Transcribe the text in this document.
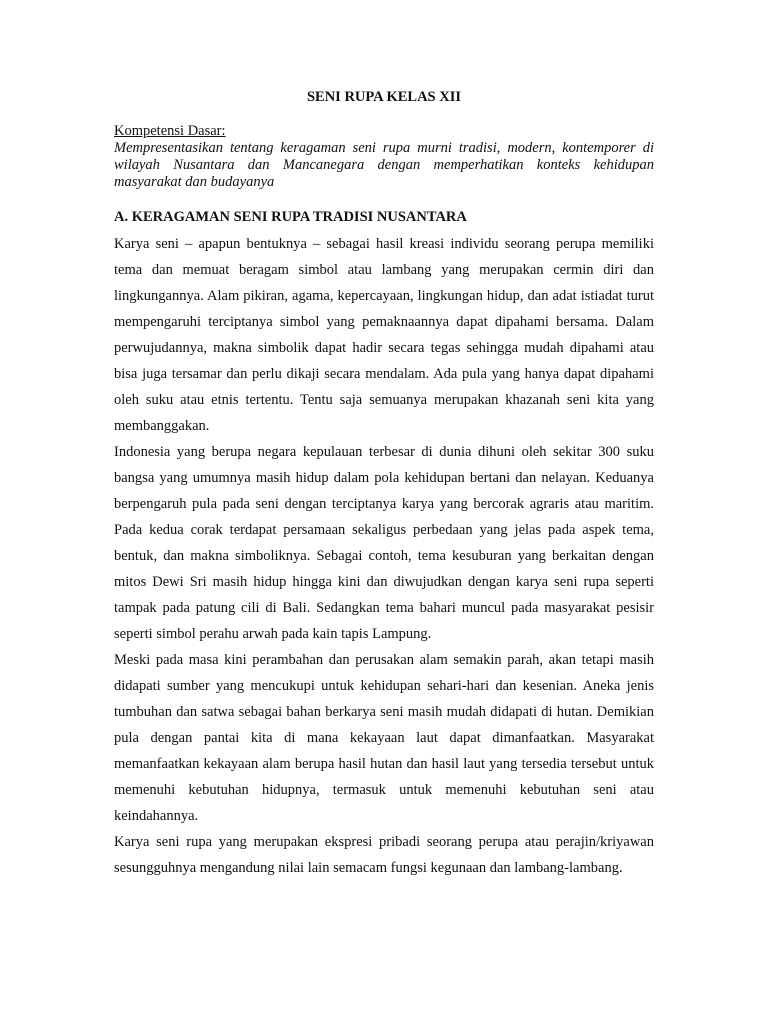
SENI RUPA KELAS XII

Kompetensi Dasar:

Mempresentasikan tentang keragaman seni rupa murni tradisi, modern, kontemporer di wilayah Nusantara dan Mancanegara dengan memperhatikan konteks kehidupan masyarakat dan budayanya

A. KERAGAMAN SENI RUPA TRADISI NUSANTARA

Karya seni – apapun bentuknya – sebagai hasil kreasi individu seorang perupa memiliki tema dan memuat beragam simbol atau lambang yang merupakan cermin diri dan lingkungannya. Alam pikiran, agama, kepercayaan, lingkungan hidup, dan adat istiadat turut mempengaruhi terciptanya simbol yang pemaknaannya dapat dipahami bersama. Dalam perwujudannya, makna simbolik dapat hadir secara tegas sehingga mudah dipahami atau bisa juga tersamar dan perlu dikaji secara mendalam. Ada pula yang hanya dapat dipahami oleh suku atau etnis tertentu. Tentu saja semuanya merupakan khazanah seni kita yang membanggakan.

Indonesia yang berupa negara kepulauan terbesar di dunia dihuni oleh sekitar 300 suku bangsa yang umumnya masih hidup dalam pola kehidupan bertani dan nelayan. Keduanya berpengaruh pula pada seni dengan terciptanya karya yang bercorak agraris atau maritim. Pada kedua corak terdapat persamaan sekaligus perbedaan yang jelas pada aspek tema, bentuk, dan makna simboliknya. Sebagai contoh, tema kesuburan yang berkaitan dengan mitos Dewi Sri masih hidup hingga kini dan diwujudkan dengan karya seni rupa seperti tampak pada patung cili di Bali. Sedangkan tema bahari muncul pada masyarakat pesisir seperti simbol perahu arwah pada kain tapis Lampung.

Meski pada masa kini perambahan dan perusakan alam semakin parah, akan tetapi masih didapati sumber yang mencukupi untuk kehidupan sehari-hari dan kesenian. Aneka jenis tumbuhan dan satwa sebagai bahan berkarya seni masih mudah didapati di hutan. Demikian pula dengan pantai kita di mana kekayaan laut dapat dimanfaatkan. Masyarakat memanfaatkan kekayaan alam berupa hasil hutan dan hasil laut yang tersedia tersebut untuk memenuhi kebutuhan hidupnya, termasuk untuk memenuhi kebutuhan seni atau keindahannya.

Karya seni rupa yang merupakan ekspresi pribadi seorang perupa atau perajin/kriyawan sesungguhnya mengandung nilai lain semacam fungsi kegunaan dan lambang-lambang.
